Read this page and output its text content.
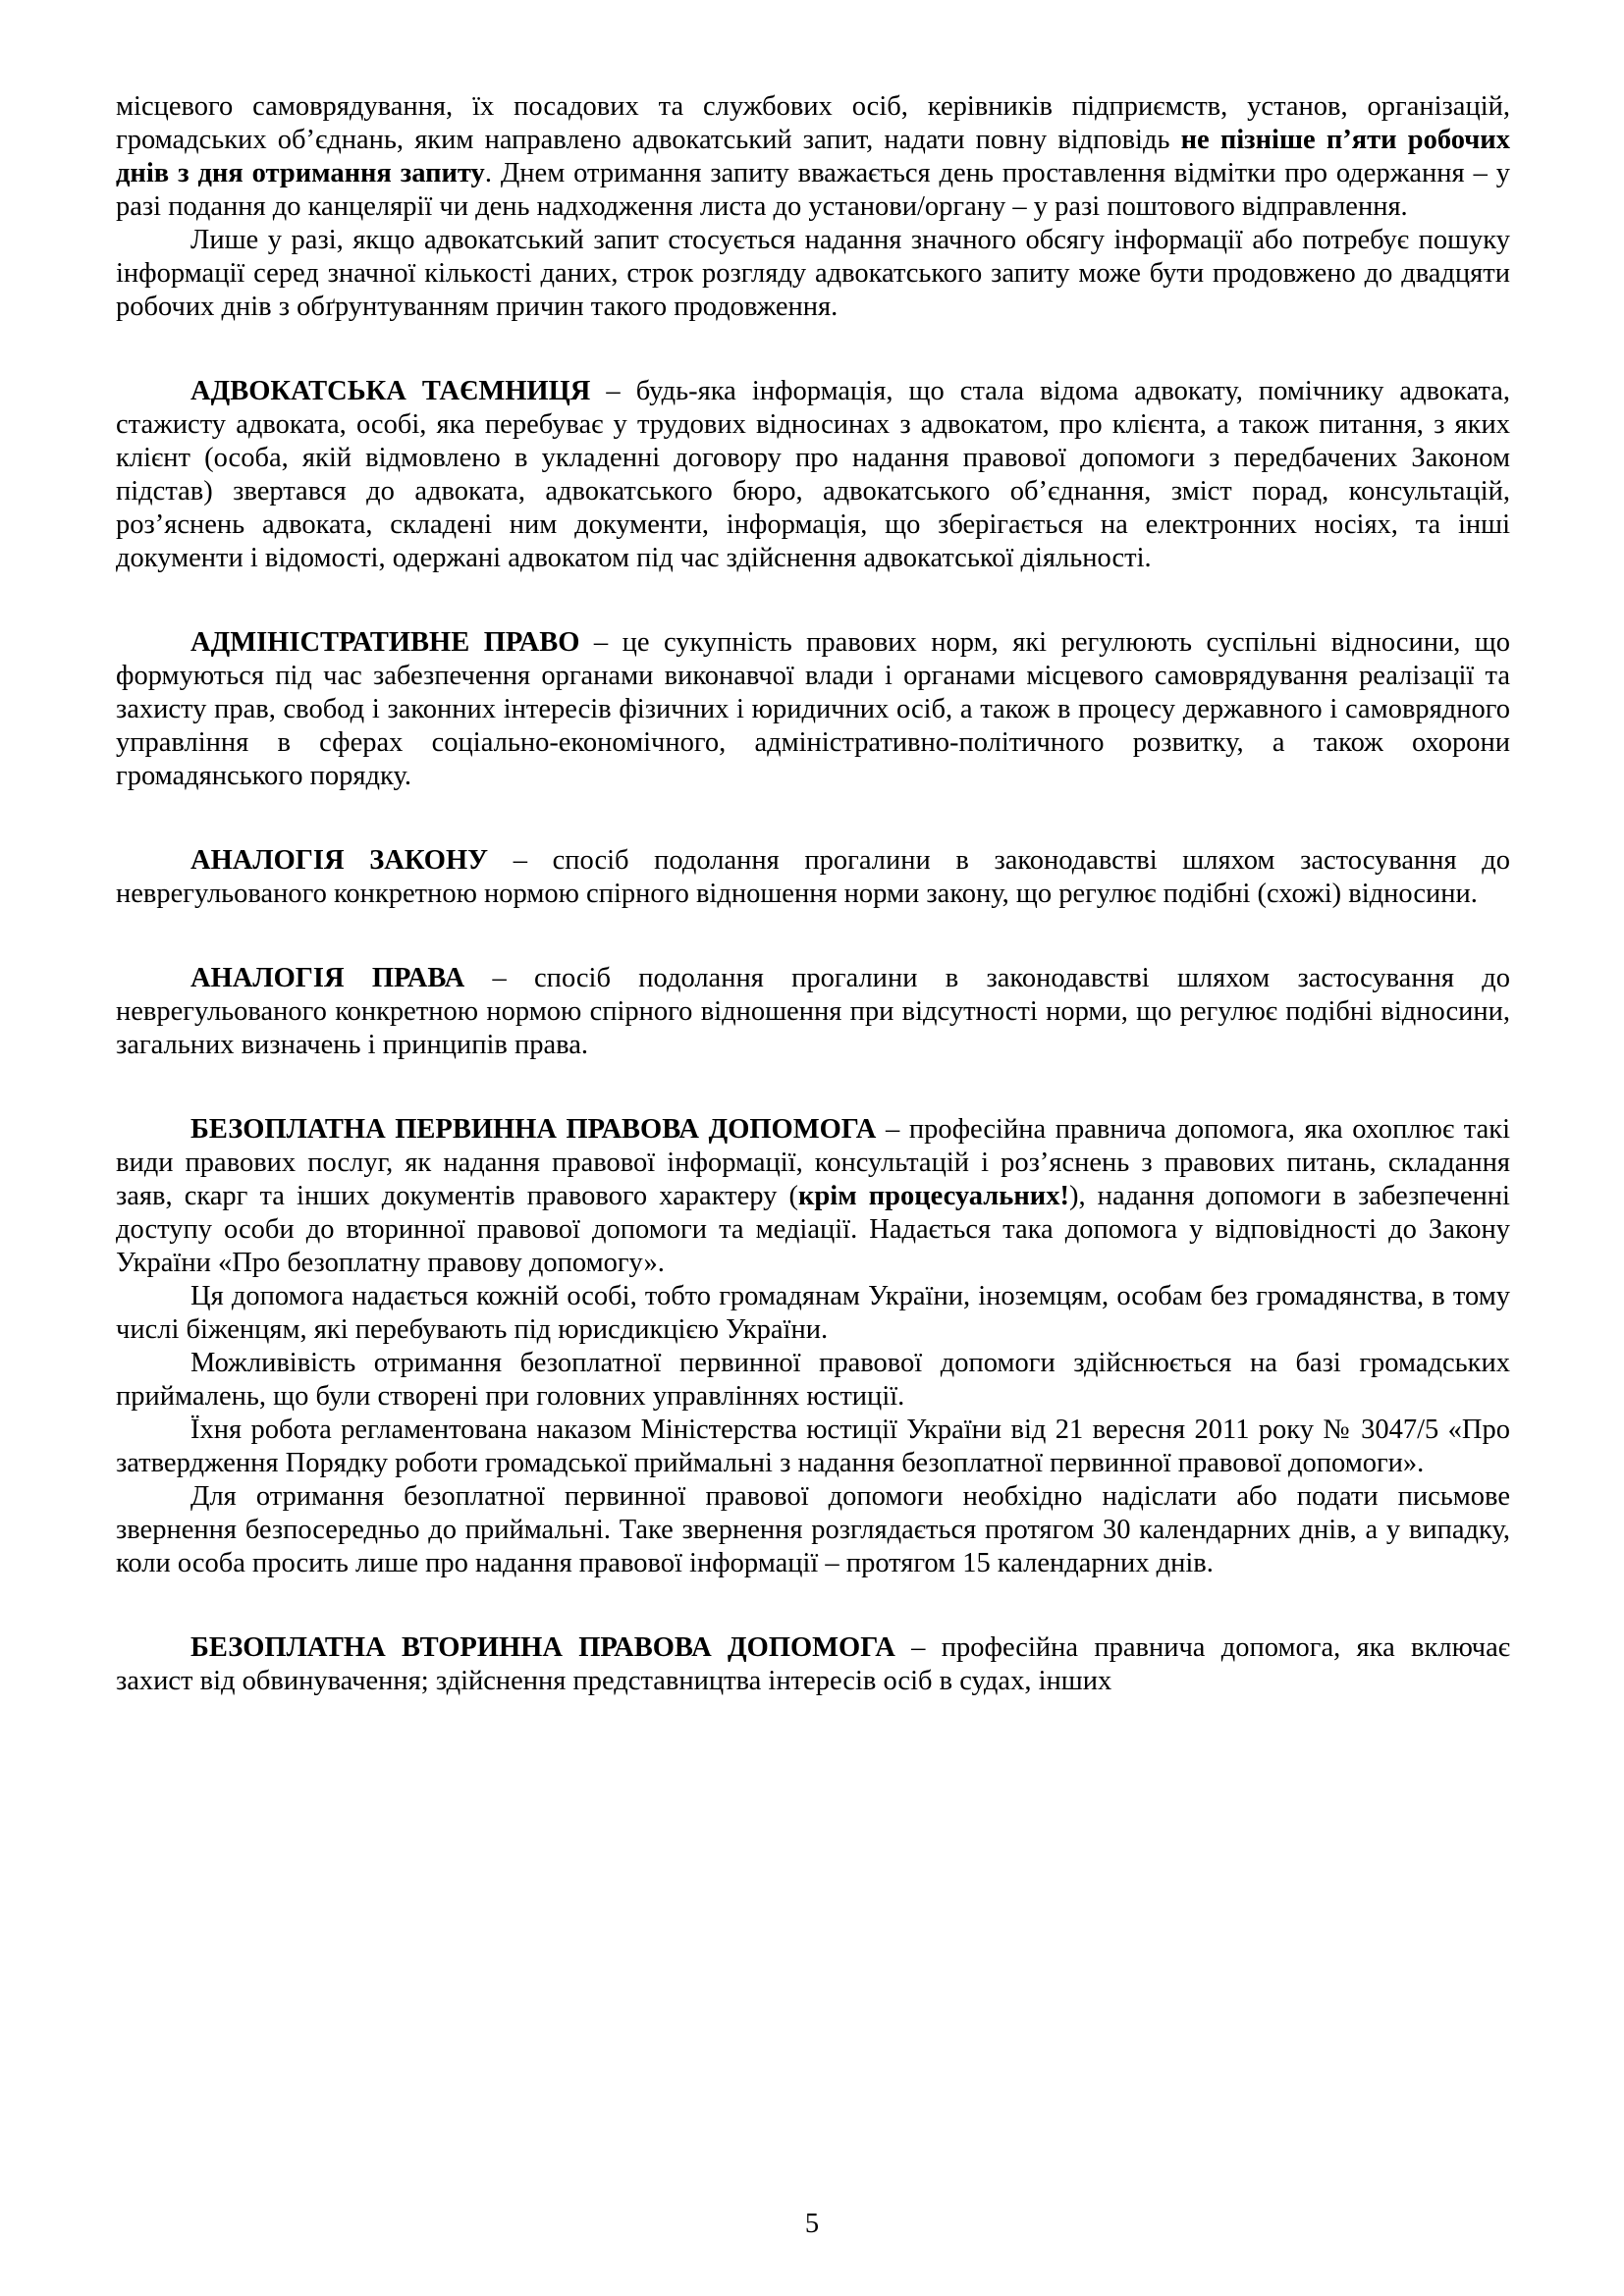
місцевого самоврядування, їх посадових та службових осіб, керівників підприємств, установ, організацій, громадських об’єднань, яким направлено адвокатський запит, надати повну відповідь не пізніше п’яти робочих днів з дня отримання запиту. Днем отримання запиту вважається день проставлення відмітки про одержання – у разі подання до канцелярії чи день надходження листа до установи/органу – у разі поштового відправлення.

Лише у разі, якщо адвокатський запит стосується надання значного обсягу інформації або потребує пошуку інформації серед значної кількості даних, строк розгляду адвокатського запиту може бути продовжено до двадцяти робочих днів з обґрунтуванням причин такого продовження.

АДВОКАТСЬКА ТАЄМНИЦЯ – будь-яка інформація, що стала відома адвокату, помічнику адвоката, стажисту адвоката, особі, яка перебуває у трудових відносинах з адвокатом, про клієнта, а також питання, з яких клієнт (особа, якій відмовлено в укладенні договору про надання правової допомоги з передбачених Законом підстав) звертався до адвоката, адвокатського бюро, адвокатського об’єднання, зміст порад, консультацій, роз’яснень адвоката, складені ним документи, інформація, що зберігається на електронних носіях, та інші документи і відомості, одержані адвокатом під час здійснення адвокатської діяльності.

АДМІНІСТРАТИВНЕ ПРАВО – це сукупність правових норм, які регулюють суспільні відносини, що формуються під час забезпечення органами виконавчої влади і органами місцевого самоврядування реалізації та захисту прав, свобод і законних інтересів фізичних і юридичних осіб, а також в процесу державного і самоврядного управління в сферах соціально-економічного, адміністративно-політичного розвитку, а також охорони громадянського порядку.

АНАЛОГІЯ ЗАКОНУ – спосіб подолання прогалини в законодавстві шляхом застосування до неврегульованого конкретною нормою спірного відношення норми закону, що регулює подібні (схожі) відносини.

АНАЛОГІЯ ПРАВА – спосіб подолання прогалини в законодавстві шляхом застосування до неврегульованого конкретною нормою спірного відношення при відсутності норми, що регулює подібні відносини, загальних визначень і принципів права.

БЕЗОПЛАТНА ПЕРВИННА ПРАВОВА ДОПОМОГА – професійна правнича допомога, яка охоплює такі види правових послуг, як надання правової інформації, консультацій і роз’яснень з правових питань, складання заяв, скарг та інших документів правового характеру (крім процесуальних!), надання допомоги в забезпеченні доступу особи до вторинної правової допомоги та медіації. Надається така допомога у відповідності до Закону України «Про безоплатну правову допомогу».

Ця допомога надається кожній особі, тобто громадянам України, іноземцям, особам без громадянства, в тому числі біженцям, які перебувають під юрисдикцією України.

Можливівість отримання безоплатної первинної правової допомоги здійснюється на базі громадських приймалень, що були створені при головних управліннях юстиції.

Їхня робота регламентована наказом Міністерства юстиції України від 21 вересня 2011 року № 3047/5 «Про затвердження Порядку роботи громадської приймальні з надання безоплатної первинної правової допомоги».

Для отримання безоплатної первинної правової допомоги необхідно надіслати або подати письмове звернення безпосередньо до приймальні. Таке звернення розглядається протягом 30 календарних днів, а у випадку, коли особа просить лише про надання правової інформації – протягом 15 календарних днів.

БЕЗОПЛАТНА ВТОРИННА ПРАВОВА ДОПОМОГА – професійна правнича допомога, яка включає захист від обвинувачення; здійснення представництва інтересів осіб в судах, інших

5
